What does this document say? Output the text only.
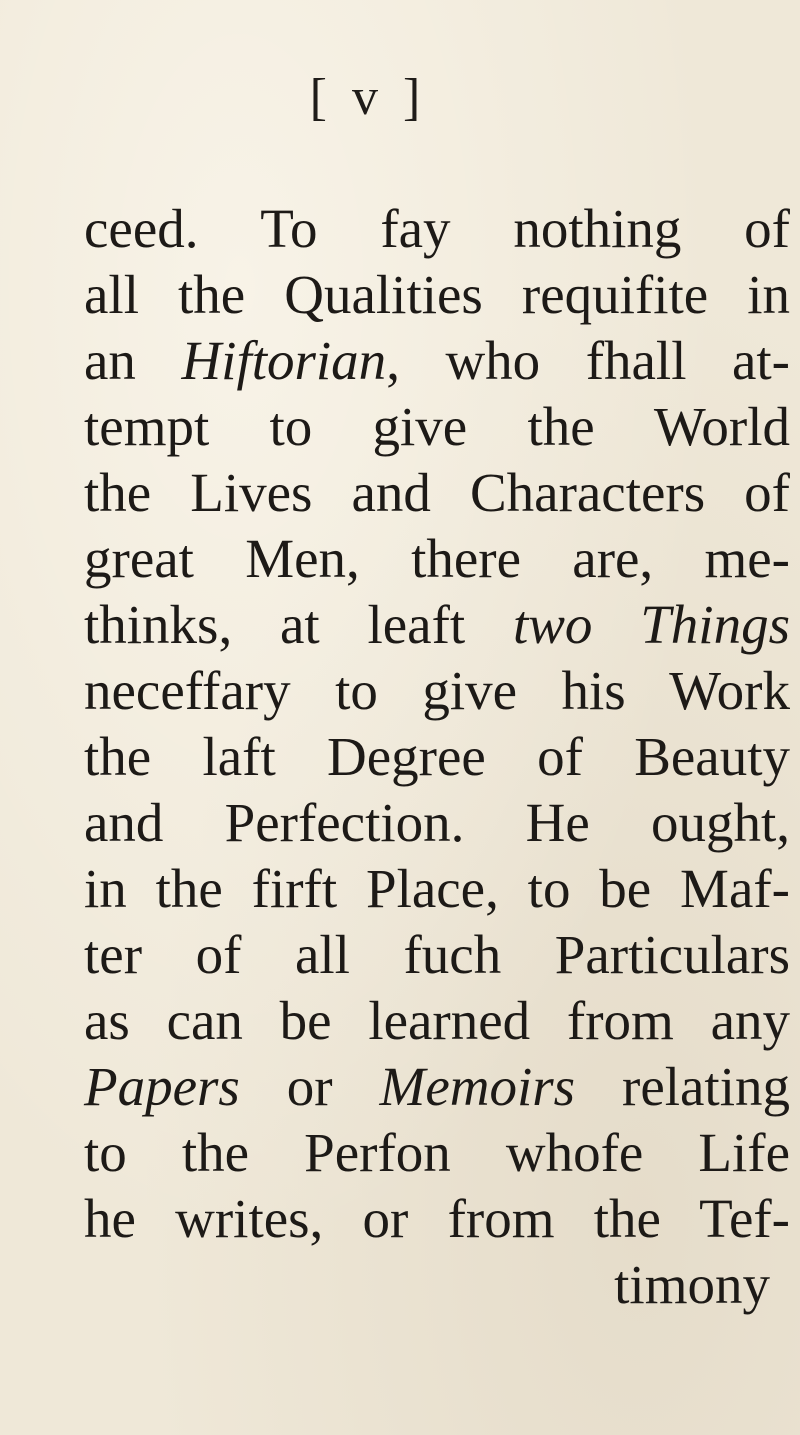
[ v ]
ceed. To fay nothing of
all the Qualities requifite in
an Hiftorian, who fhall at-
tempt to give the World
the Lives and Characters of
great Men, there are, me-
thinks, at leaft two Things
neceffary to give his Work
the laft Degree of Beauty
and Perfection. He ought,
in the firft Place, to be Maf-
ter of all fuch Particulars
as can be learned from any
Papers or Memoirs relating
to the Perfon whofe Life
he writes, or from the Tef-
timony
